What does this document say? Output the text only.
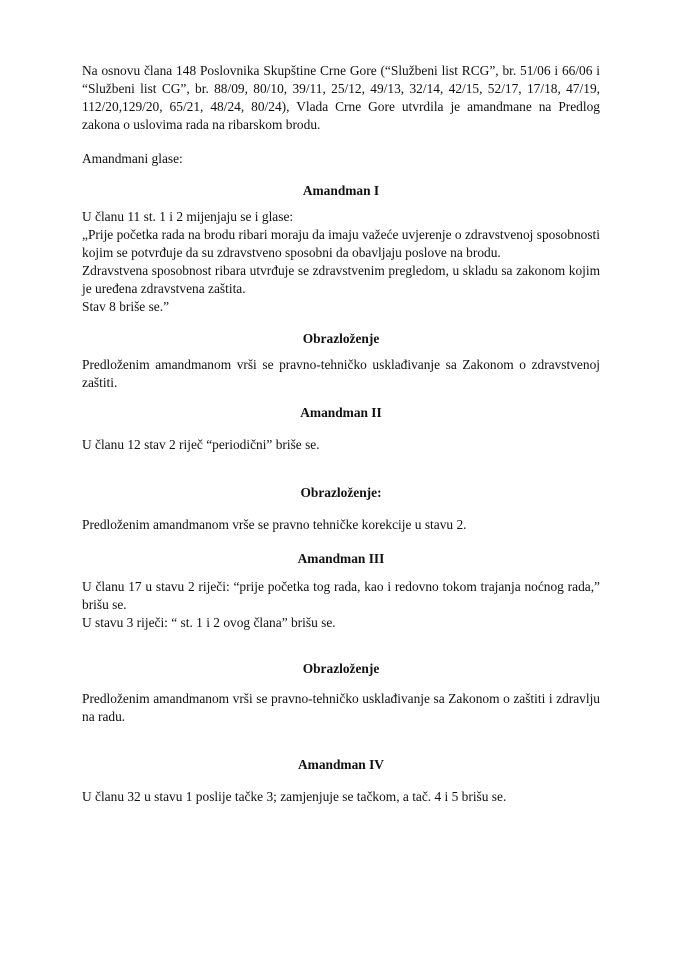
Na osnovu člana 148 Poslovnika Skupštine Crne Gore (“Službeni list RCG”, br. 51/06 i 66/06 i “Službeni list CG”, br. 88/09, 80/10, 39/11, 25/12, 49/13, 32/14, 42/15, 52/17, 17/18, 47/19, 112/20,129/20, 65/21, 48/24, 80/24), Vlada Crne Gore utvrdila je amandmane na Predlog zakona o uslovima rada na ribarskom brodu.

Amandmani glase:

Amandman I

U članu 11 st. 1 i 2 mijenjaju se i glase:

„Prije početka rada na brodu ribari moraju da imaju važeće uvjerenje o zdravstvenoj sposobnosti kojim se potvrđuje da su zdravstveno sposobni da obavljaju poslove na brodu.

Zdravstvena sposobnost ribara utvrđuje se zdravstvenim pregledom, u skladu sa zakonom kojim je uređena zdravstvena zaštita.

Stav 8 briše se.”

Obrazloženje

Predloženim amandmanom vrši se pravno-tehničko usklađivanje sa Zakonom o zdravstvenoj zaštiti.

Amandman II

U članu 12 stav 2 riječ “periodični” briše se.

Obrazloženje:

Predloženim amandmanom vrše se pravno tehničke korekcije u stavu 2.

Amandman III

U članu 17 u stavu 2 riječi: “prije početka tog rada, kao i redovno tokom trajanja noćnog rada,” brišu se.

U stavu 3 riječi: “ st. 1 i 2 ovog člana” brišu se.

Obrazloženje

Predloženim amandmanom vrši se pravno-tehničko usklađivanje sa Zakonom o zaštiti i zdravlju na radu.

Amandman IV

U članu 32 u stavu 1 poslije tačke 3; zamjenjuje se tačkom, a tač. 4 i 5 brišu se.
